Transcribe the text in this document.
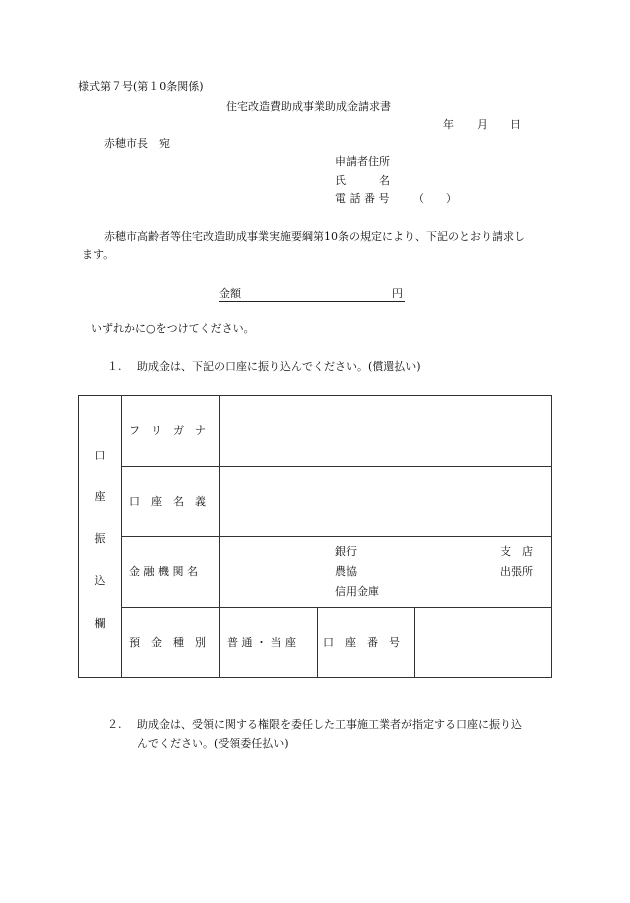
様式第７号(第１0条関係)
住宅改造費助成事業助成金請求書
年 月 日
赤穂市長　宛
申請者住所
氏　　　名
電 話 番 号 （　　）
赤穂市高齢者等住宅改造助成事業実施要綱第10条の規定により、下記のとおり請求し
ます。
金額	円
いずれかに○をつけてください。
１. 助成金は、下記の口座に振り込んでください。(償還払い)
口
座
振
込
欄
フ　リ　ガ　ナ
口　座　名　義
金 融 機 関 名
銀行
農協
信用金庫
支　店
出張所
預　金　種　別 普 通 ・ 当 座 口　座　番　号
２. 助成金は、受領に関する権限を委任した工事施工業者が指定する口座に振り込
んでください。(受領委任払い)
